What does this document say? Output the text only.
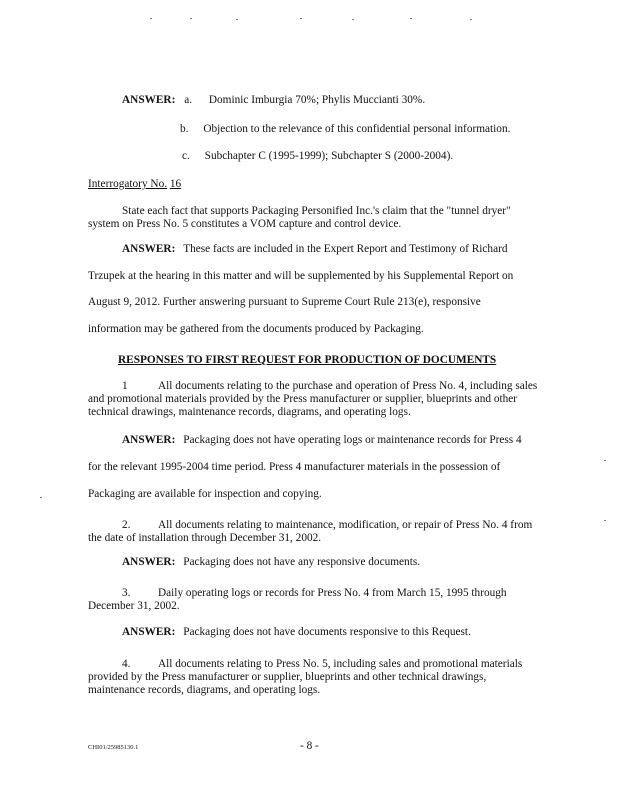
ANSWER: a. Dominic Imburgia 70%; Phylis Muccianti 30%.

b. Objection to the relevance of this confidential personal information.

c. Subchapter C (1995-1999); Subchapter S (2000-2004).

Interrogatory No. 16

State each fact that supports Packaging Personified Inc.'s claim that the "tunnel dryer" system on Press No. 5 constitutes a VOM capture and control device.

ANSWER: These facts are included in the Expert Report and Testimony of Richard

Trzupek at the hearing in this matter and will be supplemented by his Supplemental Report on

August 9, 2012. Further answering pursuant to Supreme Court Rule 213(e), responsive

information may be gathered from the documents produced by Packaging.

RESPONSES TO FIRST REQUEST FOR PRODUCTION OF DOCUMENTS

1	All documents relating to the purchase and operation of Press No. 4, including sales and promotional materials provided by the Press manufacturer or supplier, blueprints and other technical drawings, maintenance records, diagrams, and operating logs.

ANSWER: Packaging does not have operating logs or maintenance records for Press 4

for the relevant 1995-2004 time period. Press 4 manufacturer materials in the possession of

Packaging are available for inspection and copying.

2. All documents relating to maintenance, modification, or repair of Press No. 4 from the date of installation through December 31, 2002.

ANSWER: Packaging does not have any responsive documents.

3. Daily operating logs or records for Press No. 4 from March 15, 1995 through December 31, 2002.

ANSWER: Packaging does not have documents responsive to this Request.

4. All documents relating to Press No. 5, including sales and promotional materials provided by the Press manufacturer or supplier, blueprints and other technical drawings, maintenance records, diagrams, and operating logs.

CHI01/25985130.1	- 8 -
